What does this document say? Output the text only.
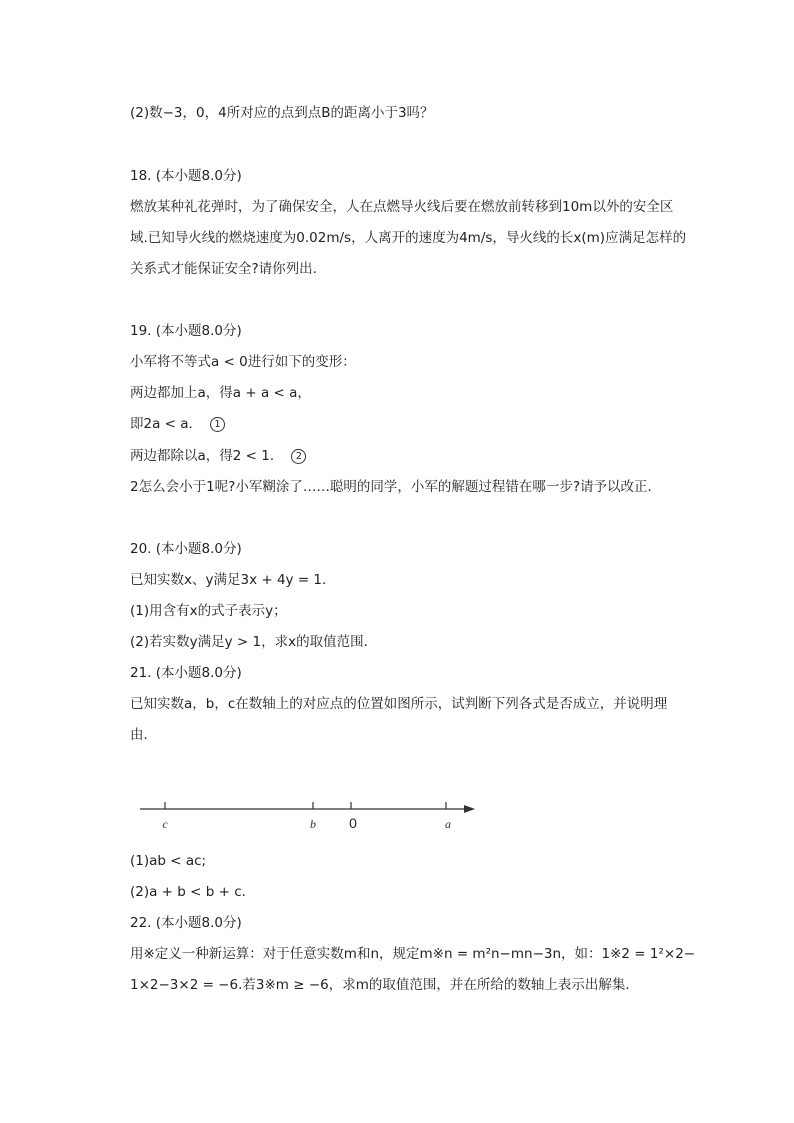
(2)数−3，0，4所对应的点到点B的距离小于3吗？
18. (本小题8.0分)
燃放某种礼花弹时，为了确保安全，人在点燃导火线后要在燃放前转移到10m以外的安全区
域.已知导火线的燃烧速度为0.02m/s，人离开的速度为4m/s，导火线的长x(m)应满足怎样的
关系式才能保证安全?请你列出.
19. (本小题8.0分)
小军将不等式a < 0进行如下的变形：
两边都加上a，得a + a < a，
即2a < a． 1
两边都除以a，得2 < 1． 2
2怎么会小于1呢?小军糊涂了……聪明的同学，小军的解题过程错在哪一步?请予以改正．
20. (本小题8.0分)
已知实数x、y满足3x + 4y = 1．
(1)用含有x的式子表示y；
(2)若实数y满足y > 1，求x的取值范围．
21. (本小题8.0分)
已知实数a，b，c在数轴上的对应点的位置如图所示，试判断下列各式是否成立，并说明理
由．
c	b 0	a
(1)ab < ac;
(2)a + b < b + c．
22. (本小题8.0分)
用※定义一种新运算：对于任意实数m和n，规定m※n = m²n−mn−3n，如：1※2 = 1²×2−
1×2−3×2 = −6.若3※m ≥ −6，求m的取值范围，并在所给的数轴上表示出解集．
